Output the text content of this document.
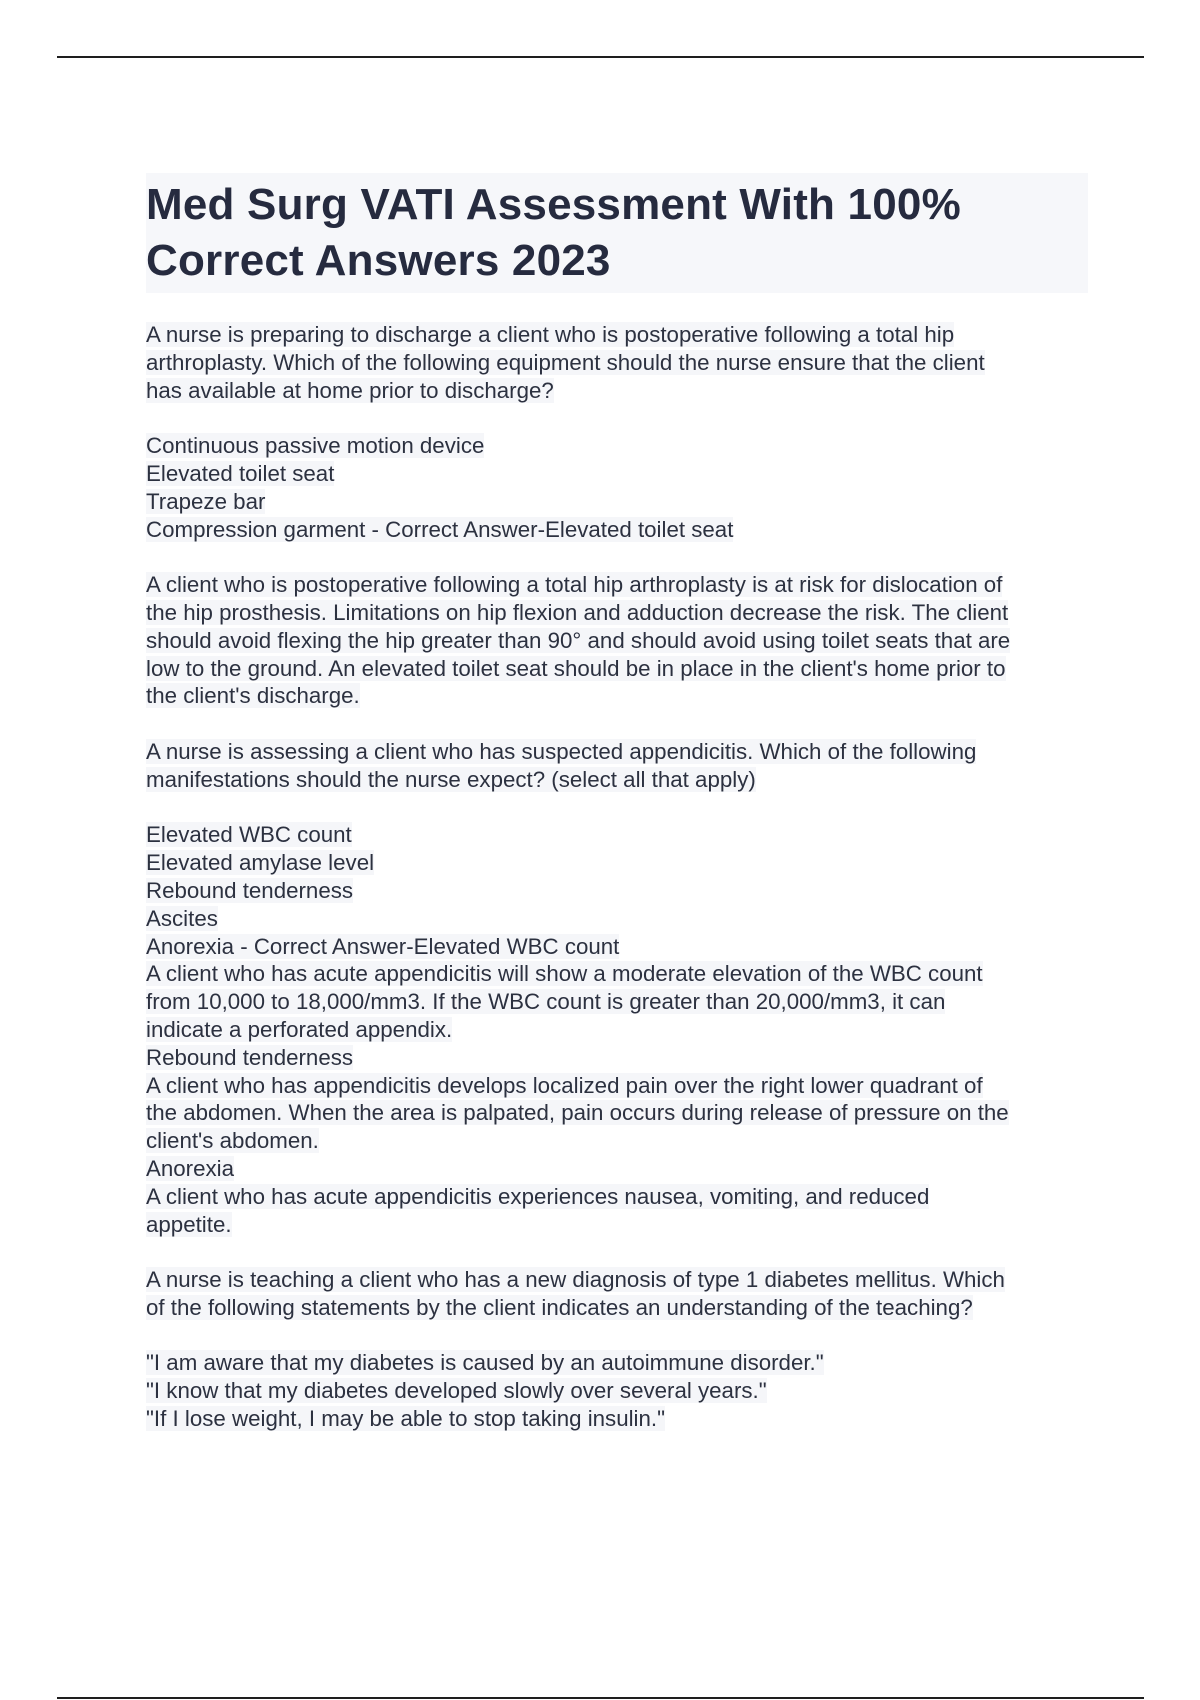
Med Surg VATI Assessment With 100%
Correct Answers 2023
A nurse is preparing to discharge a client who is postoperative following a total hip
arthroplasty. Which of the following equipment should the nurse ensure that the client
has available at home prior to discharge?
Continuous passive motion device
Elevated toilet seat
Trapeze bar
Compression garment - Correct Answer-Elevated toilet seat
A client who is postoperative following a total hip arthroplasty is at risk for dislocation of
the hip prosthesis. Limitations on hip flexion and adduction decrease the risk. The client
should avoid flexing the hip greater than 90° and should avoid using toilet seats that are
low to the ground. An elevated toilet seat should be in place in the client's home prior to
the client's discharge.
A nurse is assessing a client who has suspected appendicitis. Which of the following
manifestations should the nurse expect? (select all that apply)
Elevated WBC count
Elevated amylase level
Rebound tenderness
Ascites
Anorexia - Correct Answer-Elevated WBC count
A client who has acute appendicitis will show a moderate elevation of the WBC count
from 10,000 to 18,000/mm3. If the WBC count is greater than 20,000/mm3, it can
indicate a perforated appendix.
Rebound tenderness
A client who has appendicitis develops localized pain over the right lower quadrant of
the abdomen. When the area is palpated, pain occurs during release of pressure on the
client's abdomen.
Anorexia
A client who has acute appendicitis experiences nausea, vomiting, and reduced
appetite.
A nurse is teaching a client who has a new diagnosis of type 1 diabetes mellitus. Which
of the following statements by the client indicates an understanding of the teaching?
"I am aware that my diabetes is caused by an autoimmune disorder."
"I know that my diabetes developed slowly over several years."
"If I lose weight, I may be able to stop taking insulin."
